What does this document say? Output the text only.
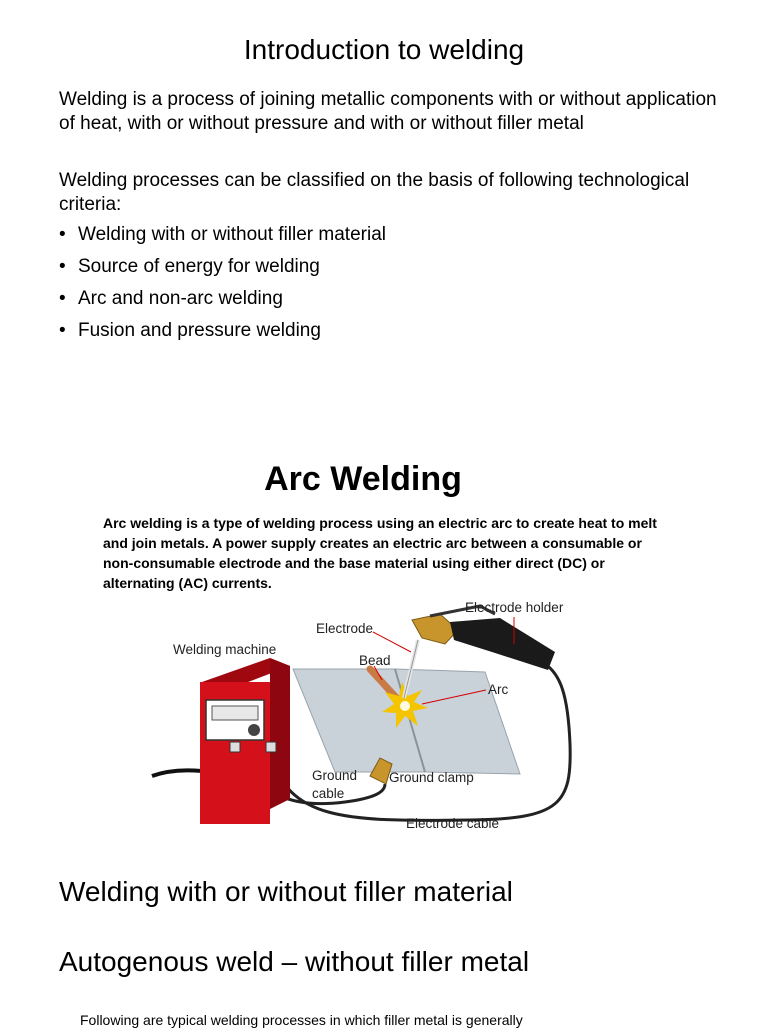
Introduction to welding
Welding is a process of joining metallic components with or without application of heat, with or without pressure and with or without filler metal
Welding processes can be classified on the basis of following technological criteria:
• Welding with or without filler material
• Source of energy for welding
• Arc and non-arc welding
• Fusion and pressure welding
Arc Welding
Arc welding is a type of welding process using an electric arc to create heat to melt and join metals. A power supply creates an electric arc between a consumable or non-consumable electrode and the base material using either direct (DC) or alternating (AC) currents.
Electrode holder
Electrode
Welding machine
Bead
Arc
Ground
cable
Ground clamp
Electrode cable
Welding with or without filler material
Autogenous weld – without filler metal
Following are typical welding processes in which filler metal is generally
